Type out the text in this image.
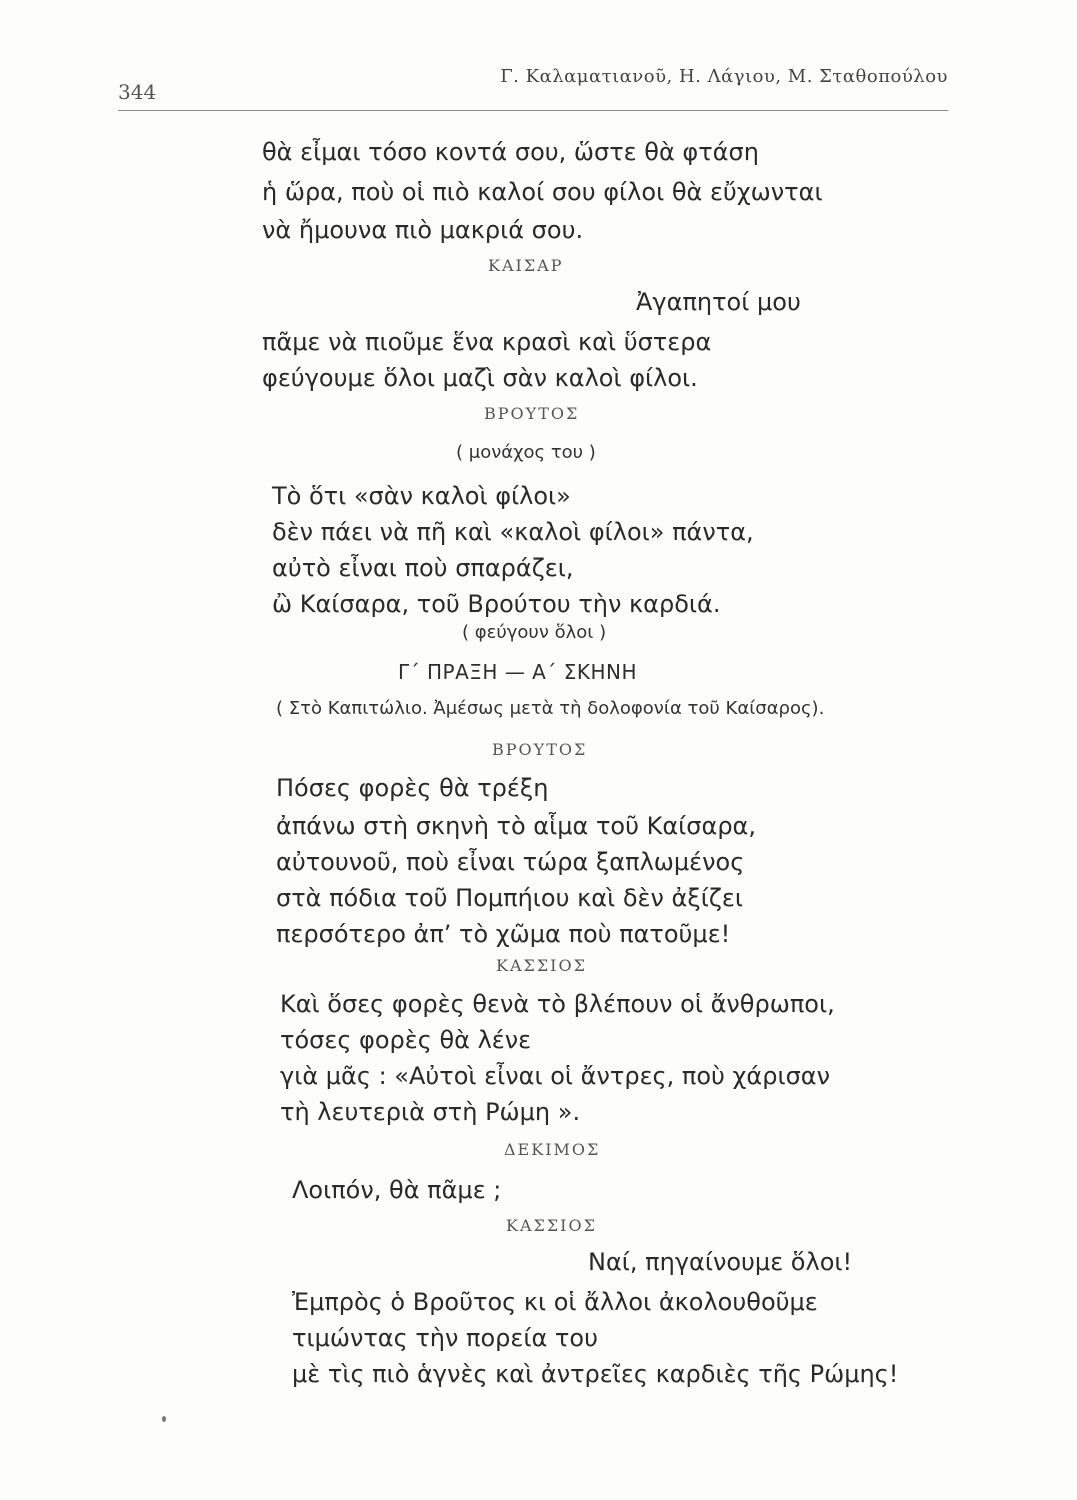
344
Γ. Καλαματιανοῦ, Η. Λάγιου, Μ. Σταθοπούλου
θὰ εἶμαι τόσο κοντά σου, ὥστε θὰ φτάση
ἡ ὥρα, ποὺ οἱ πιὸ καλοί σου φίλοι θὰ εὔχωνται
νὰ ἤμουνα πιὸ μακριά σου.
ΚΑΙΣΑΡ
Ἀγαπητοί μου
πᾶμε νὰ πιοῦμε ἕνα κρασὶ καὶ ὕστερα
φεύγουμε ὅλοι μαζὶ σὰν καλοὶ φίλοι.
ΒΡΟΥΤΟΣ
( μονάχος του )
Τὸ ὅτι «σὰν καλοὶ φίλοι»
δὲν πάει νὰ πῆ καὶ «καλοὶ φίλοι» πάντα,
αὐτὸ εἶναι ποὺ σπαράζει,
ὢ Καίσαρα, τοῦ Βρούτου τὴν καρδιά.
( φεύγουν ὅλοι )
Γ΄ ΠΡΑΞΗ — Α΄ ΣΚΗΝΗ
( Στὸ Καπιτώλιο. Ἀμέσως μετὰ τὴ δολοφονία τοῦ Καίσαρος).
ΒΡΟΥΤΟΣ
Πόσες φορὲς θὰ τρέξη
ἀπάνω στὴ σκηνὴ τὸ αἷμα τοῦ Καίσαρα,
αὐτουνοῦ, ποὺ εἶναι τώρα ξαπλωμένος
στὰ πόδια τοῦ Πομπήιου καὶ δὲν ἀξίζει
περσότερο ἀπ’ τὸ χῶμα ποὺ πατοῦμε!
ΚΑΣΣΙΟΣ
Καὶ ὅσες φορὲς θενὰ τὸ βλέπουν οἱ ἄνθρωποι,
τόσες φορὲς θὰ λένε
γιὰ μᾶς : «Αὐτοὶ εἶναι οἱ ἄντρες, ποὺ χάρισαν
τὴ λευτεριὰ στὴ Ρώμη ».
ΔΕΚΙΜΟΣ
Λοιπόν, θὰ πᾶμε ;
ΚΑΣΣΙΟΣ
Ναί, πηγαίνουμε ὅλοι!
Ἐμπρὸς ὁ Βροῦτος κι οἱ ἄλλοι ἀκολουθοῦμε
τιμώντας τὴν πορεία του
μὲ τὶς πιὸ ἁγνὲς καὶ ἀντρεῖες καρδιὲς τῆς Ρώμης!
